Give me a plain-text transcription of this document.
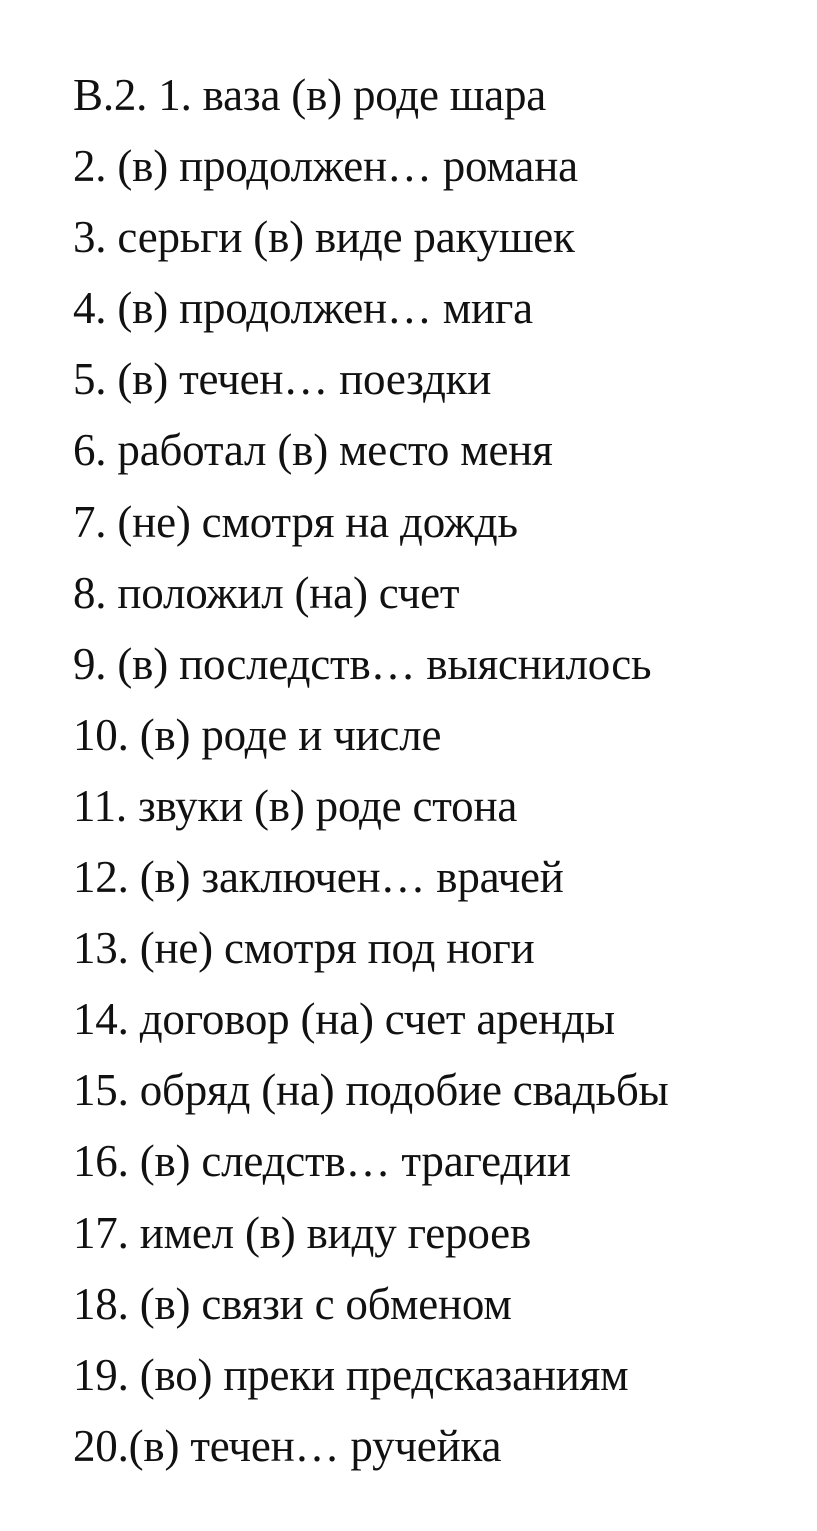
В.2. 1. ваза (в) роде шара
2. (в) продолжен… романа
3. серьги (в) виде ракушек
4. (в) продолжен… мига
5. (в) течен… поездки
6. работал (в) место меня
7. (не) смотря на дождь
8. положил (на) счет
9. (в) последств… выяснилось
10. (в) роде и числе
11. звуки (в) роде стона
12. (в) заключен… врачей
13. (не) смотря под ноги
14. договор (на) счет аренды
15. обряд (на) подобие свадьбы
16. (в) следств… трагедии
17. имел (в) виду героев
18. (в) связи с обменом
19. (во) преки предсказаниям
20.(в) течен… ручейка
